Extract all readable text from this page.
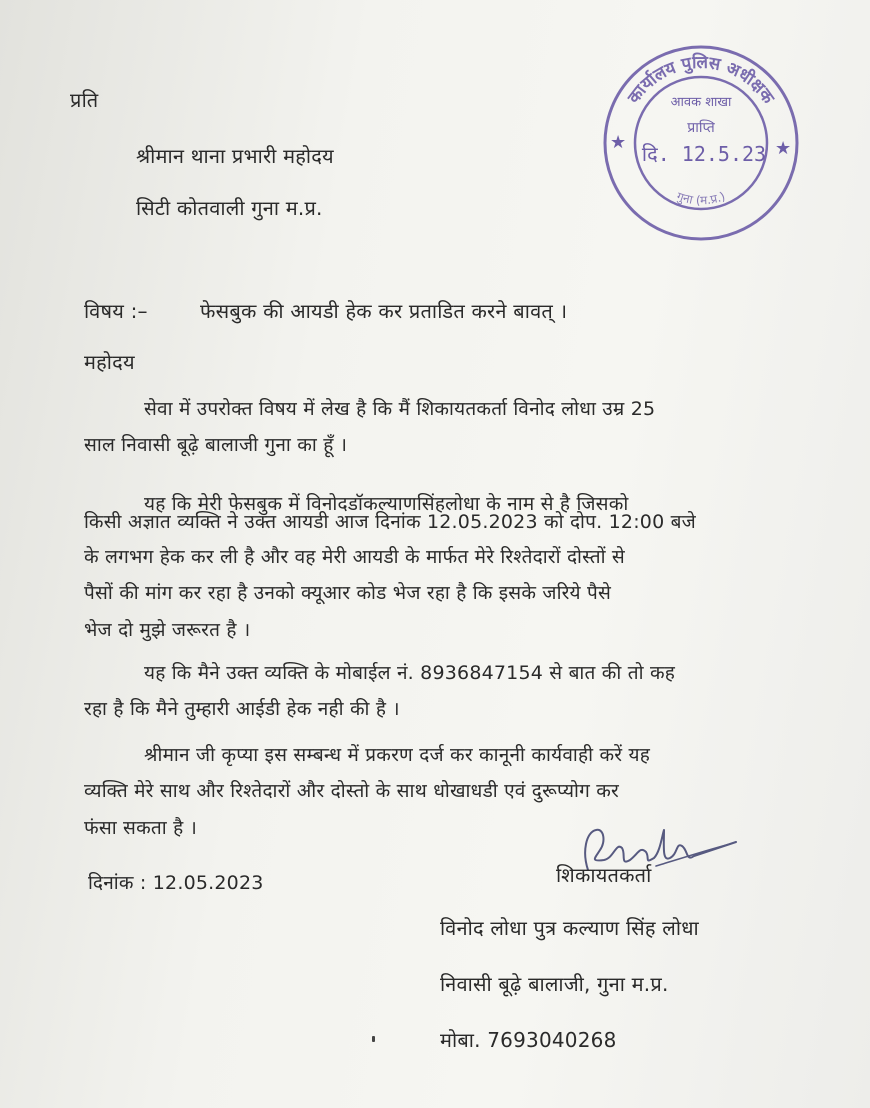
कार्यालय पुलिस अधीक्षक
गुना (म.प्र.)
★	★
आवक शाखा
प्राप्ति
दि. 12.5.23
प्रति
श्रीमान थाना प्रभारी महोदय
सिटी कोतवाली गुना म.प्र.
विषय :–	फेसबुक की आयडी हेक कर प्रताडित करने बावत् ।
महोदय
सेवा में उपरोक्त विषय में लेख है कि मैं शिकायतकर्ता विनोद लोधा उम्र 25
साल निवासी बूढ़े बालाजी गुना का हूँ ।
यह कि मेरी फेसबुक में विनोदडॉकल्याणसिंहलोधा के नाम से है जिसको
किसी अज्ञात व्यक्ति ने उक्त आयडी आज दिनांक 12.05.2023 को दोप. 12:00 बजे
के लगभग हेक कर ली है और वह मेरी आयडी के मार्फत मेरे रिश्तेदारों दोस्तों से
पैसों की मांग कर रहा है उनको क्यूआर कोड भेज रहा है कि इसके जरिये पैसे
भेज दो मुझे जरूरत है ।
यह कि मैने उक्त व्यक्ति के मोबाईल नं. 8936847154 से बात की तो कह
रहा है कि मैने तुम्हारी आईडी हेक नही की है ।
श्रीमान जी कृप्या इस सम्बन्ध में प्रकरण दर्ज कर कानूनी कार्यवाही करें यह
व्यक्ति मेरे साथ और रिश्तेदारों और दोस्तो के साथ धोखाधडी एवं दुरूप्योग कर
फंसा सकता है ।
दिनांक : 12.05.2023	शिकायतकर्ता
विनोद लोधा पुत्र कल्याण सिंह लोधा
निवासी बूढ़े बालाजी, गुना म.प्र.
मोबा. 7693040268
